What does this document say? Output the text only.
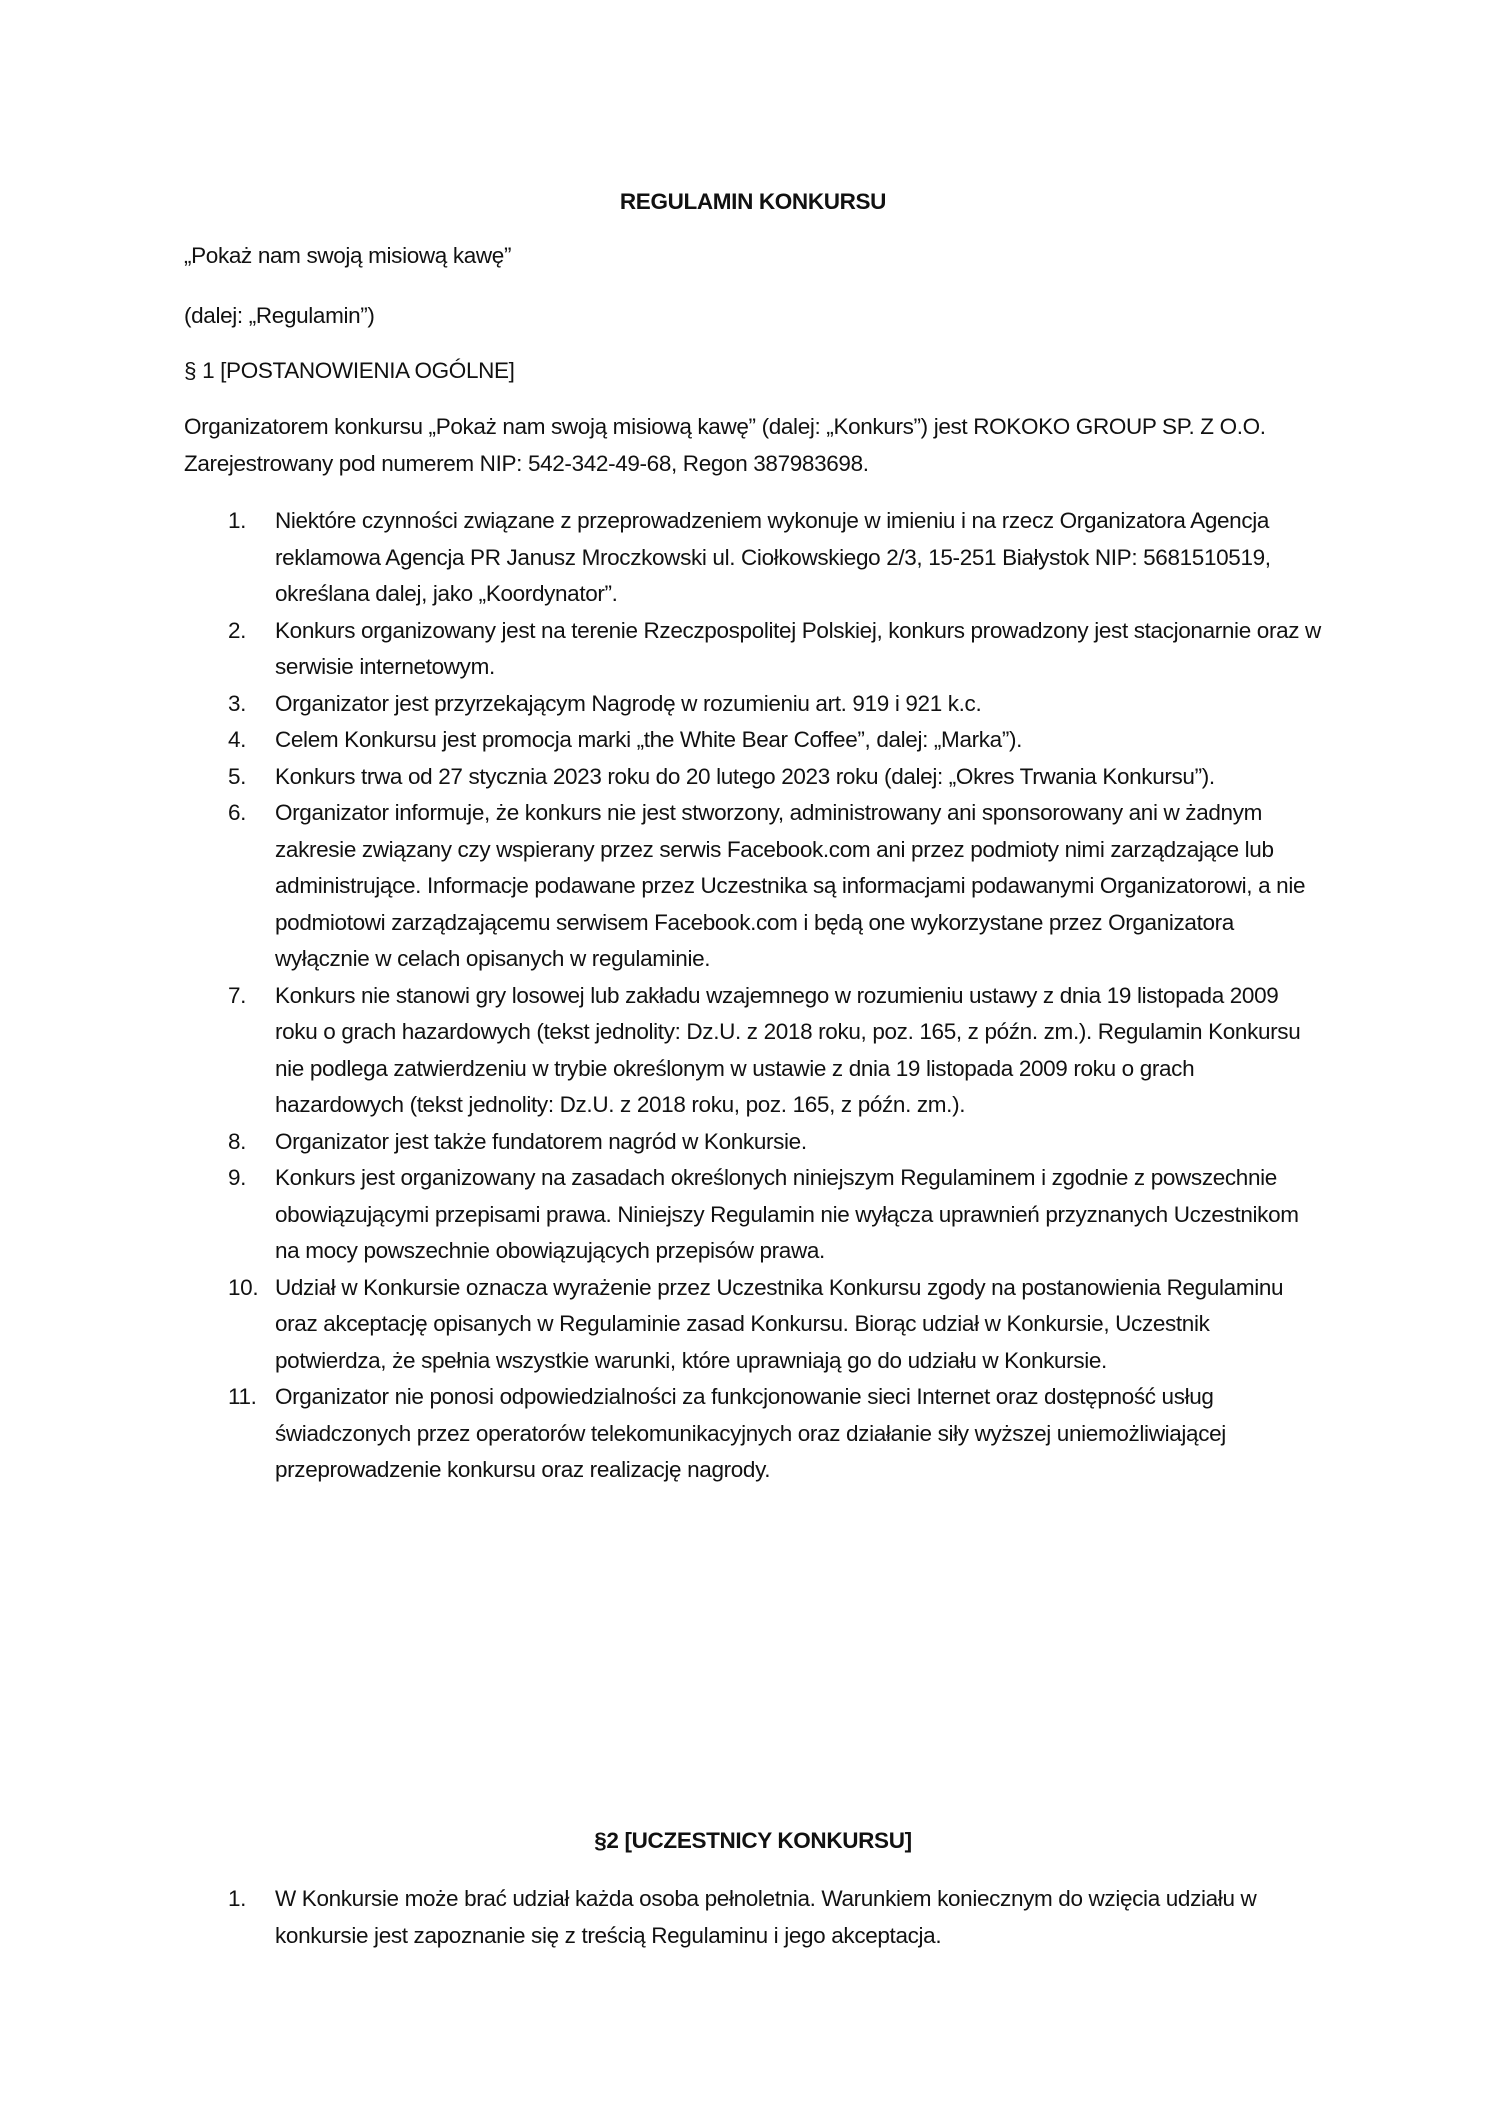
REGULAMIN KONKURSU

„Pokaż nam swoją misiową kawę”

(dalej: „Regulamin”)

§ 1 [POSTANOWIENIA OGÓLNE]

Organizatorem konkursu „Pokaż nam swoją misiową kawę” (dalej: „Konkurs”) jest ROKOKO GROUP SP. Z O.O. Zarejestrowany pod numerem NIP: 542-342-49-68, Regon 387983698.

1. Niektóre czynności związane z przeprowadzeniem wykonuje w imieniu i na rzecz Organizatora Agencja reklamowa Agencja PR Janusz Mroczkowski ul. Ciołkowskiego 2/3, 15-251 Białystok NIP: 5681510519, określana dalej, jako „Koordynator”.
2. Konkurs organizowany jest na terenie Rzeczpospolitej Polskiej, konkurs prowadzony jest stacjonarnie oraz w serwisie internetowym.
3. Organizator jest przyrzekającym Nagrodę w rozumieniu art. 919 i 921 k.c.
4. Celem Konkursu jest promocja marki „the White Bear Coffee”, dalej: „Marka”).
5. Konkurs trwa od 27 stycznia 2023 roku do 20 lutego 2023 roku (dalej: „Okres Trwania Konkursu”).
6. Organizator informuje, że konkurs nie jest stworzony, administrowany ani sponsorowany ani w żadnym zakresie związany czy wspierany przez serwis Facebook.com ani przez podmioty nimi zarządzające lub administrujące. Informacje podawane przez Uczestnika są informacjami podawanymi Organizatorowi, a nie podmiotowi zarządzającemu serwisem Facebook.com i będą one wykorzystane przez Organizatora wyłącznie w celach opisanych w regulaminie.
7. Konkurs nie stanowi gry losowej lub zakładu wzajemnego w rozumieniu ustawy z dnia 19 listopada 2009 roku o grach hazardowych (tekst jednolity: Dz.U. z 2018 roku, poz. 165, z późn. zm.). Regulamin Konkursu nie podlega zatwierdzeniu w trybie określonym w ustawie z dnia 19 listopada 2009 roku o grach hazardowych (tekst jednolity: Dz.U. z 2018 roku, poz. 165, z późn. zm.).
8. Organizator jest także fundatorem nagród w Konkursie.
9. Konkurs jest organizowany na zasadach określonych niniejszym Regulaminem i zgodnie z powszechnie obowiązującymi przepisami prawa. Niniejszy Regulamin nie wyłącza uprawnień przyznanych Uczestnikom na mocy powszechnie obowiązujących przepisów prawa.
10. Udział w Konkursie oznacza wyrażenie przez Uczestnika Konkursu zgody na postanowienia Regulaminu oraz akceptację opisanych w Regulaminie zasad Konkursu. Biorąc udział w Konkursie, Uczestnik potwierdza, że spełnia wszystkie warunki, które uprawniają go do udziału w Konkursie.
11. Organizator nie ponosi odpowiedzialności za funkcjonowanie sieci Internet oraz dostępność usług świadczonych przez operatorów telekomunikacyjnych oraz działanie siły wyższej uniemożliwiającej przeprowadzenie konkursu oraz realizację nagrody.
§2 [UCZESTNICY KONKURSU]
1. W Konkursie może brać udział każda osoba pełnoletnia. Warunkiem koniecznym do wzięcia udziału w konkursie jest zapoznanie się z treścią Regulaminu i jego akceptacja.
